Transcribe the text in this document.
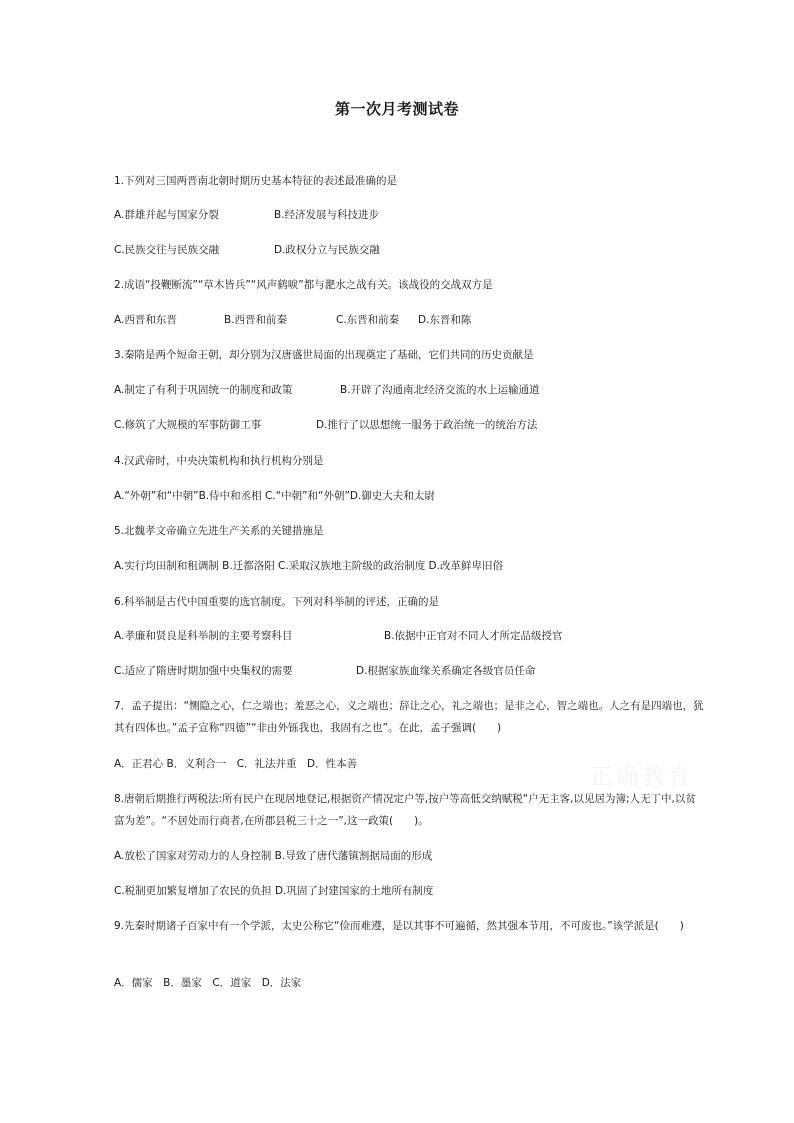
第一次月考测试卷
1.下列对三国两晋南北朝时期历史基本特征的表述最准确的是
A.群雄并起与国家分裂	B.经济发展与科技进步
C.民族交往与民族交融	D.政权分立与民族交融
2.成语“投鞭断流”“草木皆兵”“风声鹤唳”都与淝水之战有关。该战役的交战双方是
A.西晋和东晋	B.西晋和前秦	C.东晋和前秦 D.东晋和陈
3.秦隋是两个短命王朝，却分别为汉唐盛世局面的出现奠定了基础，它们共同的历史贡献是
A.制定了有利于巩固统一的制度和政策	B.开辟了沟通南北经济交流的水上运输通道
C.修筑了大规模的军事防御工事	D.推行了以思想统一服务于政治统一的统治方法
4.汉武帝时，中央决策机构和执行机构分别是
A.“外朝”和“中朝”B.侍中和丞相 C.“中朝”和“外朝”D.御史大夫和太尉
5.北魏孝文帝确立先进生产关系的关键措施是
A.实行均田制和租调制 B.迁都洛阳 C.采取汉族地主阶级的政治制度 D.改革鲜卑旧俗
6.科举制是古代中国重要的选官制度。下列对科举制的评述，正确的是
A.孝廉和贤良是科举制的主要考察科目	B.依据中正官对不同人才所定品级授官
C.适应了隋唐时期加强中央集权的需要	D.根据家族血缘关系确定各级官员任命
7．孟子提出：“恻隐之心，仁之端也；羞恶之心，义之端也；辞让之心，礼之端也；是非之心，智之端也。人之有是四端也，犹其有四体也。”孟子宣称“四德”“非由外铄我也，我固有之也”。在此，孟子强调(　　)
A．正君心 B．义利合一　C．礼法并重　D．性本善
8.唐朝后期推行两税法:所有民户在现居地登记,根据资产情况定户等,按户等高低交纳赋税“户无主客,以见居为簿;人无丁中,以贫富为差”。“不居处而行商者,在所郡县税三十之一”,这一政策(　　)。
A.放松了国家对劳动力的人身控制 B.导致了唐代藩镇割据局面的形成
C.税制更加繁复增加了农民的负担 D.巩固了封建国家的土地所有制度
9.先秦时期诸子百家中有一个学派，太史公称它“俭而难遵，是以其事不可遍循，然其强本节用，不可废也。”该学派是(　　)
A．儒家　B．墨家　C．道家　D．法家
正确教育
